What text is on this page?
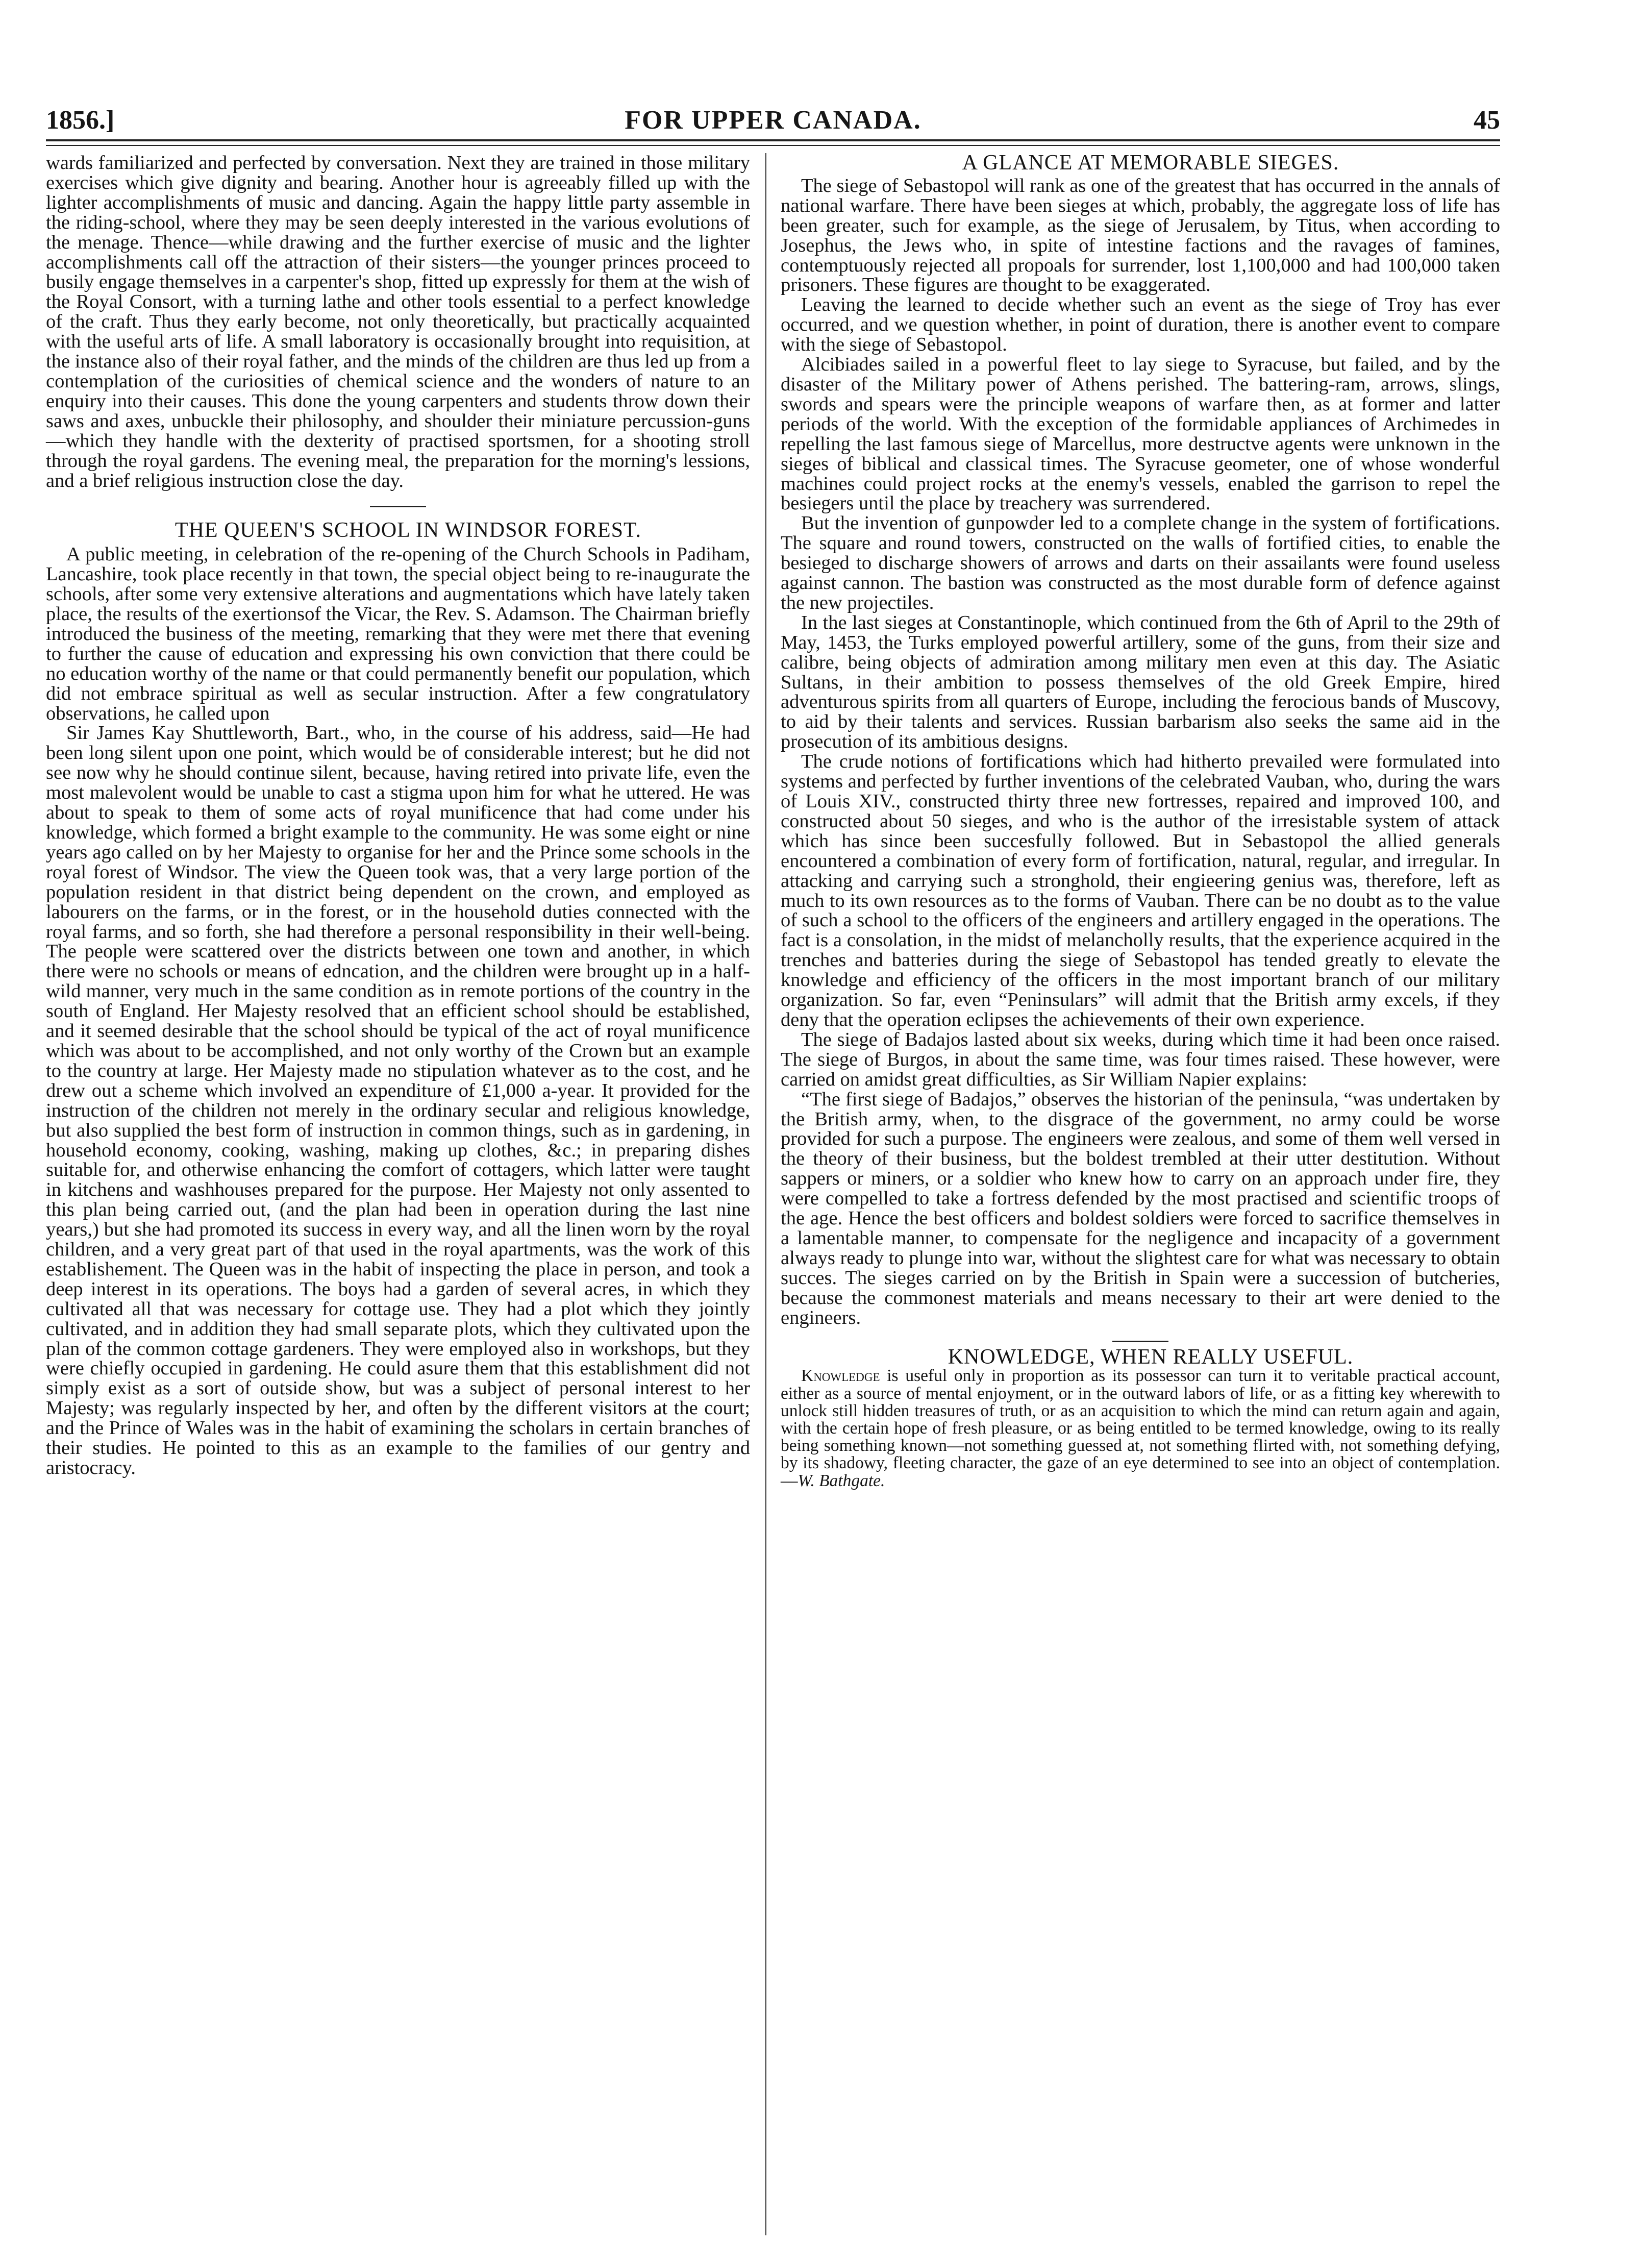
1856.]	FOR UPPER CANADA.	45

wards familiarized and perfected by conversation. Next they are trained in those military exercises which give dignity and bearing. Another hour is agreeably filled up with the lighter accomplishments of music and dancing. Again the happy little party assemble in the riding-school, where they may be seen deeply interested in the various evolutions of the menage. Thence—while drawing and the further exercise of music and the lighter accomplishments call off the attraction of their sisters—the younger princes proceed to busily engage themselves in a carpenter's shop, fitted up expressly for them at the wish of the Royal Consort, with a turning lathe and other tools essential to a perfect knowledge of the craft. Thus they early become, not only theoretically, but practically acquainted with the useful arts of life. A small laboratory is occasionally brought into requisition, at the instance also of their royal father, and the minds of the children are thus led up from a contemplation of the curiosities of chemical science and the wonders of nature to an enquiry into their causes. This done the young carpenters and students throw down their saws and axes, unbuckle their philosophy, and shoulder their miniature percussion-guns—which they handle with the dexterity of practised sportsmen, for a shooting stroll through the royal gardens. The evening meal, the preparation for the morning's lessions, and a brief religious instruction close the day.

THE QUEEN'S SCHOOL IN WINDSOR FOREST.

A public meeting, in celebration of the re-opening of the Church Schools in Padiham, Lancashire, took place recently in that town, the special object being to re-inaugurate the schools, after some very extensive alterations and augmentations which have lately taken place, the results of the exertionsof the Vicar, the Rev. S. Adamson. The Chairman briefly introduced the business of the meeting, remarking that they were met there that evening to further the cause of education and expressing his own conviction that there could be no education worthy of the name or that could permanently benefit our population, which did not embrace spiritual as well as secular instruction. After a few congratulatory observations, he called upon

Sir James Kay Shuttleworth, Bart., who, in the course of his address, said—He had been long silent upon one point, which would be of considerable interest; but he did not see now why he should continue silent, because, having retired into private life, even the most malevolent would be unable to cast a stigma upon him for what he uttered. He was about to speak to them of some acts of royal munificence that had come under his knowledge, which formed a bright example to the community. He was some eight or nine years ago called on by her Majesty to organise for her and the Prince some schools in the royal forest of Windsor. The view the Queen took was, that a very large portion of the population resident in that district being dependent on the crown, and employed as labourers on the farms, or in the forest, or in the household duties connected with the royal farms, and so forth, she had therefore a personal responsibility in their well-being. The people were scattered over the districts between one town and another, in which there were no schools or means of edncation, and the children were brought up in a half-wild manner, very much in the same condition as in remote portions of the country in the south of England. Her Majesty resolved that an efficient school should be established, and it seemed desirable that the school should be typical of the act of royal munificence which was about to be accomplished, and not only worthy of the Crown but an example to the country at large. Her Majesty made no stipulation whatever as to the cost, and he drew out a scheme which involved an expenditure of £1,000 a-year. It provided for the instruction of the children not merely in the ordinary secular and religious knowledge, but also supplied the best form of instruction in common things, such as in gardening, in household economy, cooking, washing, making up clothes, &c.; in preparing dishes suitable for, and otherwise enhancing the comfort of cottagers, which latter were taught in kitchens and washhouses prepared for the purpose. Her Majesty not only assented to this plan being carried out, (and the plan had been in operation during the last nine years,) but she had promoted its success in every way, and all the linen worn by the royal children, and a very great part of that used in the royal apartments, was the work of this establishement. The Queen was in the habit of inspecting the place in person, and took a deep interest in its operations. The boys had a garden of several acres, in which they cultivated all that was necessary for cottage use. They had a plot which they jointly cultivated, and in addition they had small separate plots, which they cultivated upon the plan of the common cottage gardeners. They were employed also in workshops, but they were chiefly occupied in gardening. He could asure them that this establishment did not simply exist as a sort of outside show, but was a subject of personal interest to her Majesty; was regularly inspected by her, and often by the different visitors at the court; and the Prince of Wales was in the habit of examining the scholars in certain branches of their studies. He pointed to this as an example to the families of our gentry and aristocracy.

A GLANCE AT MEMORABLE SIEGES.

The siege of Sebastopol will rank as one of the greatest that has occurred in the annals of national warfare. There have been sieges at which, probably, the aggregate loss of life has been greater, such for example, as the siege of Jerusalem, by Titus, when according to Josephus, the Jews who, in spite of intestine factions and the ravages of famines, contemptuously rejected all propoals for surrender, lost 1,100,000 and had 100,000 taken prisoners. These figures are thought to be exaggerated.

Leaving the learned to decide whether such an event as the siege of Troy has ever occurred, and we question whether, in point of duration, there is another event to compare with the siege of Sebastopol.

Alcibiades sailed in a powerful fleet to lay siege to Syracuse, but failed, and by the disaster of the Military power of Athens perished. The battering-ram, arrows, slings, swords and spears were the principle weapons of warfare then, as at former and latter periods of the world. With the exception of the formidable appliances of Archimedes in repelling the last famous siege of Marcellus, more destructve agents were unknown in the sieges of biblical and classical times. The Syracuse geometer, one of whose wonderful machines could project rocks at the enemy's vessels, enabled the garrison to repel the besiegers until the place by treachery was surrendered.

But the invention of gunpowder led to a complete change in the system of fortifications. The square and round towers, constructed on the walls of fortified cities, to enable the besieged to discharge showers of arrows and darts on their assailants were found useless against cannon. The bastion was constructed as the most durable form of defence against the new projectiles.

In the last sieges at Constantinople, which continued from the 6th of April to the 29th of May, 1453, the Turks employed powerful artillery, some of the guns, from their size and calibre, being objects of admiration among military men even at this day. The Asiatic Sultans, in their ambition to possess themselves of the old Greek Empire, hired adventurous spirits from all quarters of Europe, including the ferocious bands of Muscovy, to aid by their talents and services. Russian barbarism also seeks the same aid in the prosecution of its ambitious designs.

The crude notions of fortifications which had hitherto prevailed were formulated into systems and perfected by further inventions of the celebrated Vauban, who, during the wars of Louis XIV., constructed thirty three new fortresses, repaired and improved 100, and constructed about 50 sieges, and who is the author of the irresistable system of attack which has since been succesfully followed. But in Sebastopol the allied generals encountered a combination of every form of fortification, natural, regular, and irregular. In attacking and carrying such a stronghold, their engieering genius was, therefore, left as much to its own resources as to the forms of Vauban. There can be no doubt as to the value of such a school to the officers of the engineers and artillery engaged in the operations. The fact is a consolation, in the midst of melancholly results, that the experience acquired in the trenches and batteries during the siege of Sebastopol has tended greatly to elevate the knowledge and efficiency of the officers in the most important branch of our military organization. So far, even “Peninsulars” will admit that the British army excels, if they deny that the operation eclipses the achievements of their own experience.

The siege of Badajos lasted about six weeks, during which time it had been once raised. The siege of Burgos, in about the same time, was four times raised. These however, were carried on amidst great difficulties, as Sir William Napier explains:

“The first siege of Badajos,” observes the historian of the peninsula, “was undertaken by the British army, when, to the disgrace of the government, no army could be worse provided for such a purpose. The engineers were zealous, and some of them well versed in the theory of their business, but the boldest trembled at their utter destitution. Without sappers or miners, or a soldier who knew how to carry on an approach under fire, they were compelled to take a fortress defended by the most practised and scientific troops of the age. Hence the best officers and boldest soldiers were forced to sacrifice themselves in a lamentable manner, to compensate for the negligence and incapacity of a government always ready to plunge into war, without the slightest care for what was necessary to obtain succes. The sieges carried on by the British in Spain were a succession of butcheries, because the commonest materials and means necessary to their art were denied to the engineers.

KNOWLEDGE, WHEN REALLY USEFUL.

Knowledge is useful only in proportion as its possessor can turn it to veritable practical account, either as a source of mental enjoyment, or in the outward labors of life, or as a fitting key wherewith to unlock still hidden treasures of truth, or as an acquisition to which the mind can return again and again, with the certain hope of fresh pleasure, or as being entitled to be termed knowledge, owing to its really being something known—not something guessed at, not something flirted with, not something defying, by its shadowy, fleeting character, the gaze of an eye determined to see into an object of contemplation.—W. Bathgate.
